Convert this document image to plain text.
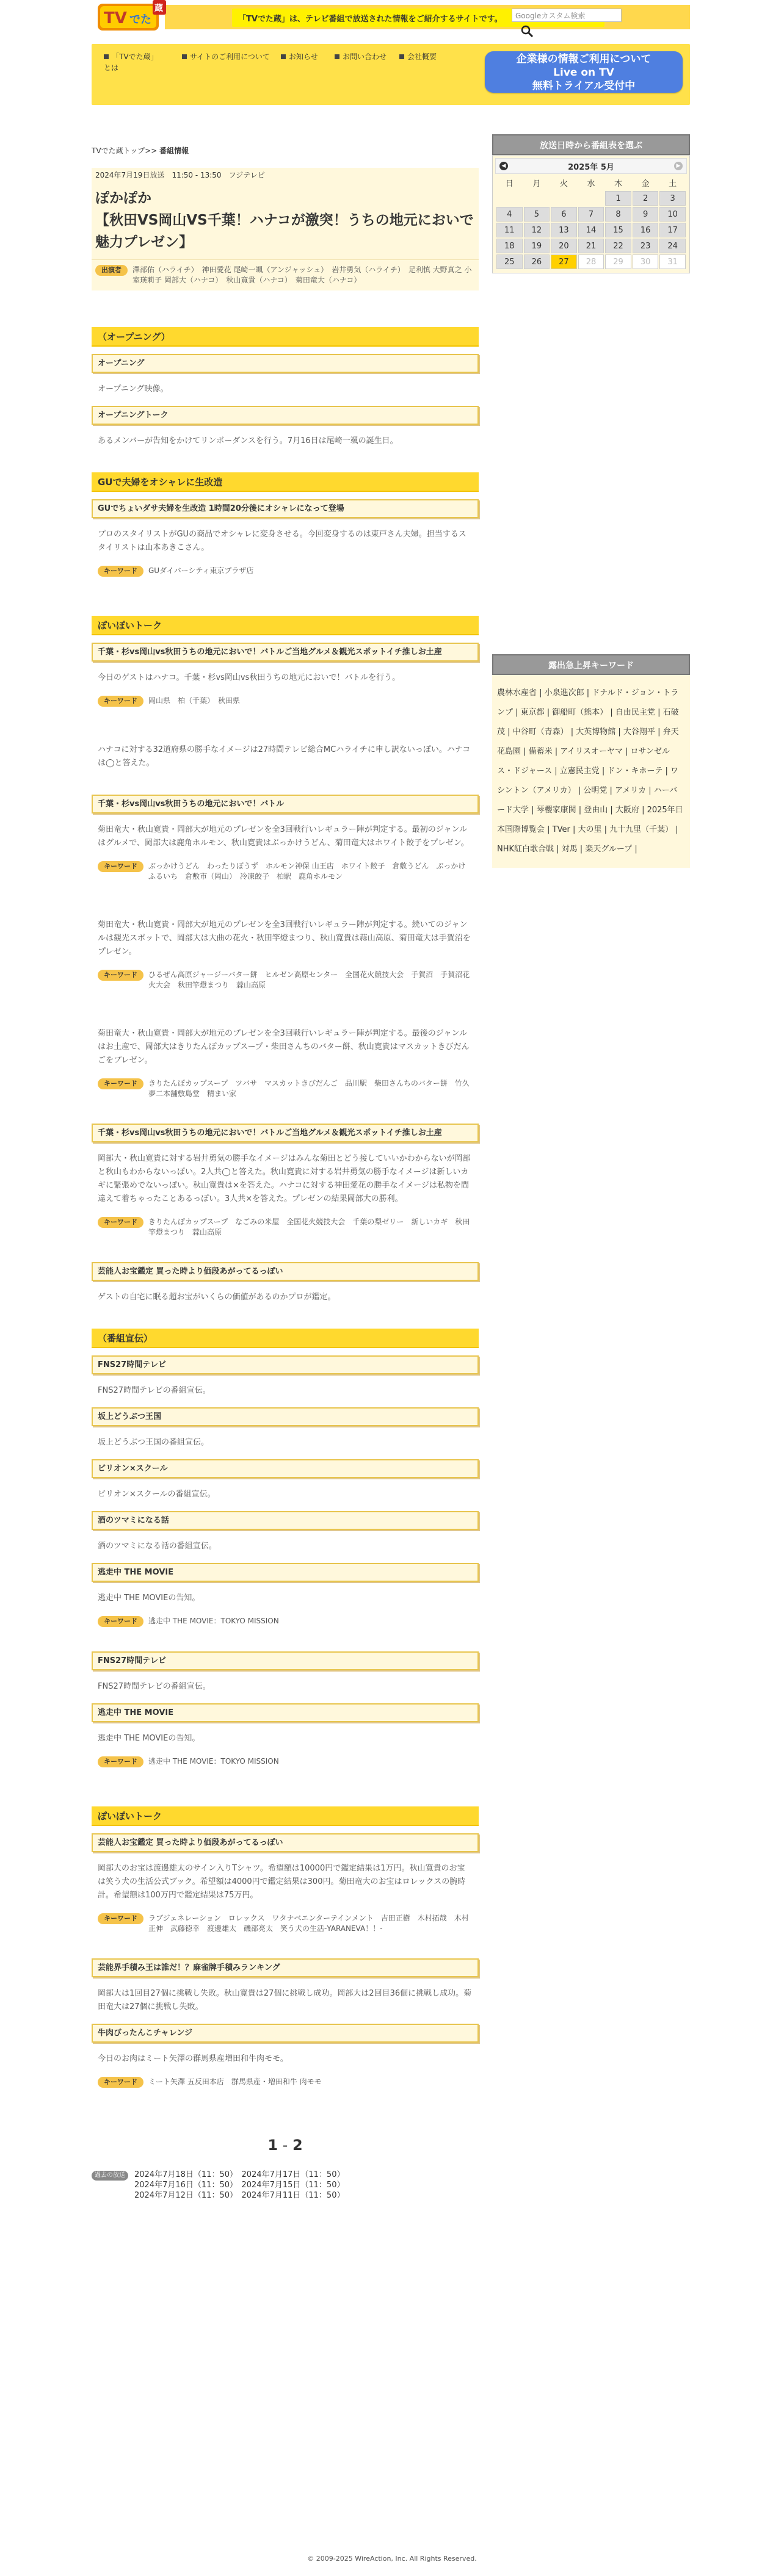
TV でた
蔵
「TVでた蔵」は、テレビ番組で放送された情報をご紹介するサイトです。	Googleカスタム検索
「TVでた蔵」とは
サイトのご利用について	お知らせ	お問い合わせ	会社概要	企業様の情報ご利用について
Live on TV
無料トライアル受付中
TVでた蔵トップ>> 番組情報
2024年7月19日放送　11:50 - 13:50　フジテレビ
ぽかぽか
【秋田VS岡山VS千葉！ハナコが激突！うちの地元においで魅力プレゼン】
出演者	澤部佑（ハライチ）　神田愛花 尾崎一颯（アンジャッシュ）　岩井勇気（ハライチ）　足利慎 大野真之 小室瑛莉子 岡部大（ハナコ）　秋山寛貴（ハナコ）　菊田竜大（ハナコ）
（オープニング）
オープニング
オープニング映像。
オープニングトーク
あるメンバーが告知をかけてリンボーダンスを行う。7月16日は尾崎一颯の誕生日。
GUで夫婦をオシャレに生改造
GUでちょいダサ夫婦を生改造 1時間20分後にオシャレになって登場
プロのスタイリストがGUの商品でオシャレに変身させる。今回変身するのは東戸さん夫婦。担当するスタイリストは山本あきこさん。
キーワード	GUダイバーシティ東京プラザ店
ぽいぽいトーク
千葉・杉vs岡山vs秋田うちの地元においで！バトルご当地グルメ＆観光スポットイチ推しお土産
今日のゲストはハナコ。千葉・杉vs岡山vs秋田うちの地元においで！バトルを行う。
キーワード	岡山県　柏（千葉）　秋田県
ハナコに対する32道府県の勝手なイメージは27時間テレビ総合MCハライチに申し訳ないっぽい。ハナコは◯と答えた。
千葉・杉vs岡山vs秋田うちの地元においで！バトル
菊田竜大・秋山寛貴・岡部大が地元のプレゼンを全3回戦行いレギュラー陣が判定する。最初のジャンルはグルメで、岡部大は鹿角ホルモン、秋山寛貴はぶっかけうどん、菊田竜大はホワイト餃子をプレゼン。
キーワード	ぶっかけうどん　わったりぼうず　ホルモン神保 山王店　ホワイト餃子　倉敷うどん　ぶっかけふるいち　倉敷市（岡山）　冷凍餃子　柏駅　鹿角ホルモン
菊田竜大・秋山寛貴・岡部大が地元のプレゼンを全3回戦行いレギュラー陣が判定する。続いてのジャンルは観光スポットで、岡部大は大曲の花火・秋田竿燈まつり、秋山寛貴は蒜山高原、菊田竜大は手賀沼をプレゼン。
キーワード	ひるぜん高原ジャージーバター餅　ヒルゼン高原センター　全国花火競技大会　手賀沼　手賀沼花火大会　秋田竿燈まつり　蒜山高原
菊田竜大・秋山寛貴・岡部大が地元のプレゼンを全3回戦行いレギュラー陣が判定する。最後のジャンルはお土産で、岡部大はきりたんぽカップスープ・柴田さんちのバター餅、秋山寛貴はマスカットきびだんごをプレゼン。
キーワード	きりたんぽカップスープ　ツバサ　マスカットきびだんご　品川駅　柴田さんちのバター餅　竹久夢二本舗敷島堂　精まい家
千葉・杉vs岡山vs秋田うちの地元においで！バトルご当地グルメ＆観光スポットイチ推しお土産
岡部大・秋山寛貴に対する岩井勇気の勝手なイメージはみんな菊田とどう接していいかわからないが岡部と秋山もわからないっぽい。2人共◯と答えた。秋山寛貴に対する岩井勇気の勝手なイメージは新しいカギに緊張めでないっぽい。秋山寛貴は×を答えた。ハナコに対する神田愛花の勝手なイメージは私物を間違えて着ちゃったことあるっぽい。3人共×を答えた。プレゼンの結果岡部大の勝利。
キーワード	きりたんぽカップスープ　なごみの米屋　全国花火競技大会　千葉の梨ゼリー　新しいカギ　秋田竿燈まつり　蒜山高原
芸能人お宝鑑定 買った時より価段あがってるっぽい
ゲストの自宅に眠る超お宝がいくらの価値があるのかプロが鑑定。
（番組宣伝）
FNS27時間テレビ
FNS27時間テレビの番組宣伝。
坂上どうぶつ王国
坂上どうぶつ王国の番組宣伝。
ビリオン×スクール
ビリオン×スクールの番組宣伝。
酒のツマミになる話
酒のツマミになる話の番組宣伝。
逃走中 THE MOVIE
逃走中 THE MOVIEの告知。
キーワード	逃走中 THE MOVIE：TOKYO MISSION
FNS27時間テレビ
FNS27時間テレビの番組宣伝。
逃走中 THE MOVIE
逃走中 THE MOVIEの告知。
キーワード	逃走中 THE MOVIE：TOKYO MISSION
ぽいぽいトーク
芸能人お宝鑑定 買った時より価段あがってるっぽい
岡部大のお宝は渡邊雄太のサイン入りTシャツ。希望額は10000円で鑑定結果は1万円。秋山寛貴のお宝は笑う犬の生活公式ブック。希望額は4000円で鑑定結果は300円。菊田竜大のお宝はロレックスの腕時計。希望額は100万円で鑑定結果は75万円。
キーワード	ラブジェネレーション　ロレックス　ワタナベエンターテインメント　吉田正樹　木村拓哉　木村正伸　武藤徳幸　渡邊雄太　磯部亮太　笑う犬の生活-YARANEVA！！-
芸能界手積み王は誰だ！？麻雀牌手積みランキング
岡部大は1回目27個に挑戦し失敗。秋山寛貴は27個に挑戦し成功。岡部大は2回目36個に挑戦し成功。菊田竜大は27個に挑戦し失敗。
牛肉びったんこチャレンジ
今日のお肉はミート矢澤の群馬県産増田和牛肉モモ。
キーワード	ミート矢澤 五反田本店　群馬県産・増田和牛 肉モモ
1 - 2
過去の放送	2024年7月18日（11：50）　2024年7月17日（11：50）
2024年7月16日（11：50）　2024年7月15日（11：50）
2024年7月12日（11：50）　2024年7月11日（11：50）
放送日時から番組表を選ぶ
◀	2025年 5月	▶
日	月	火	水	木	金	土
				1	2	3
4	5	6	7	8	9	10
11	12	13	14	15	16	17
18	19	20	21	22	23	24
25	26	27	28	29	30	31
露出急上昇キーワード
農林水産省 | 小泉進次郎 | ドナルド・ジョン・トランプ | 東京都 | 御船町（熊本） | 自由民主党 | 石破茂 | 中谷町（青森） | 大英博物館 | 大谷翔平 | 弁天花島園 | 備蓄米 | アイリスオーヤマ | ロサンゼルス・ドジャース | 立憲民主党 | ドン・キホーテ | ワシントン（アメリカ） | 公明党 | アメリカ | ハーバード大学 | 琴櫻家康関 | 登由山 | 大阪府 | 2025年日本国際博覧会 | TVer | 大の里 | 九十九里（千葉） | NHK紅白歌合戦 | 対馬 | 楽天グループ |
© 2009-2025 WireAction, Inc. All Rights Reserved.
